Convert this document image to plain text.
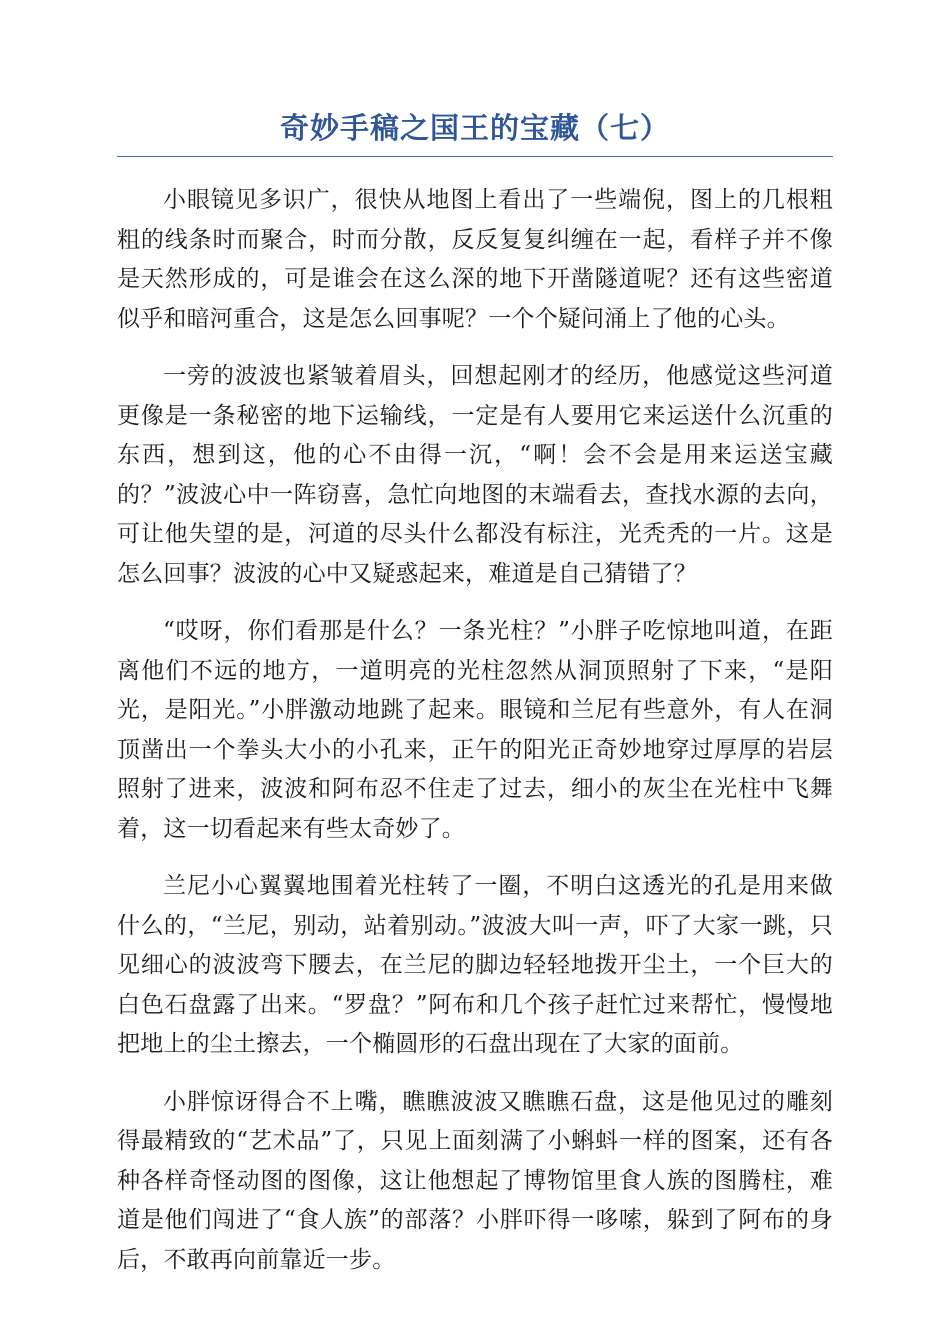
奇妙手稿之国王的宝藏（七）

小眼镜见多识广，很快从地图上看出了一些端倪，图上的几根粗粗的线条时而聚合，时而分散，反反复复纠缠在一起，看样子并不像是天然形成的，可是谁会在这么深的地下开凿隧道呢？还有这些密道似乎和暗河重合，这是怎么回事呢？一个个疑问涌上了他的心头。

一旁的波波也紧皱着眉头，回想起刚才的经历，他感觉这些河道更像是一条秘密的地下运输线，一定是有人要用它来运送什么沉重的东西，想到这，他的心不由得一沉，“啊！会不会是用来运送宝藏的？”波波心中一阵窃喜，急忙向地图的末端看去，查找水源的去向，可让他失望的是，河道的尽头什么都没有标注，光秃秃的一片。这是怎么回事？波波的心中又疑惑起来，难道是自己猜错了？

“哎呀，你们看那是什么？一条光柱？”小胖子吃惊地叫道，在距离他们不远的地方，一道明亮的光柱忽然从洞顶照射了下来，“是阳光，是阳光。”小胖激动地跳了起来。眼镜和兰尼有些意外，有人在洞顶凿出一个拳头大小的小孔来，正午的阳光正奇妙地穿过厚厚的岩层照射了进来，波波和阿布忍不住走了过去，细小的灰尘在光柱中飞舞着，这一切看起来有些太奇妙了。

兰尼小心翼翼地围着光柱转了一圈，不明白这透光的孔是用来做什么的，“兰尼，别动，站着别动。”波波大叫一声，吓了大家一跳，只见细心的波波弯下腰去，在兰尼的脚边轻轻地拨开尘土，一个巨大的白色石盘露了出来。“罗盘？”阿布和几个孩子赶忙过来帮忙，慢慢地把地上的尘土擦去，一个椭圆形的石盘出现在了大家的面前。

小胖惊讶得合不上嘴，瞧瞧波波又瞧瞧石盘，这是他见过的雕刻得最精致的“艺术品”了，只见上面刻满了小蝌蚪一样的图案，还有各种各样奇怪动图的图像，这让他想起了博物馆里食人族的图腾柱，难道是他们闯进了“食人族”的部落？小胖吓得一哆嗦，躲到了阿布的身后，不敢再向前靠近一步。
